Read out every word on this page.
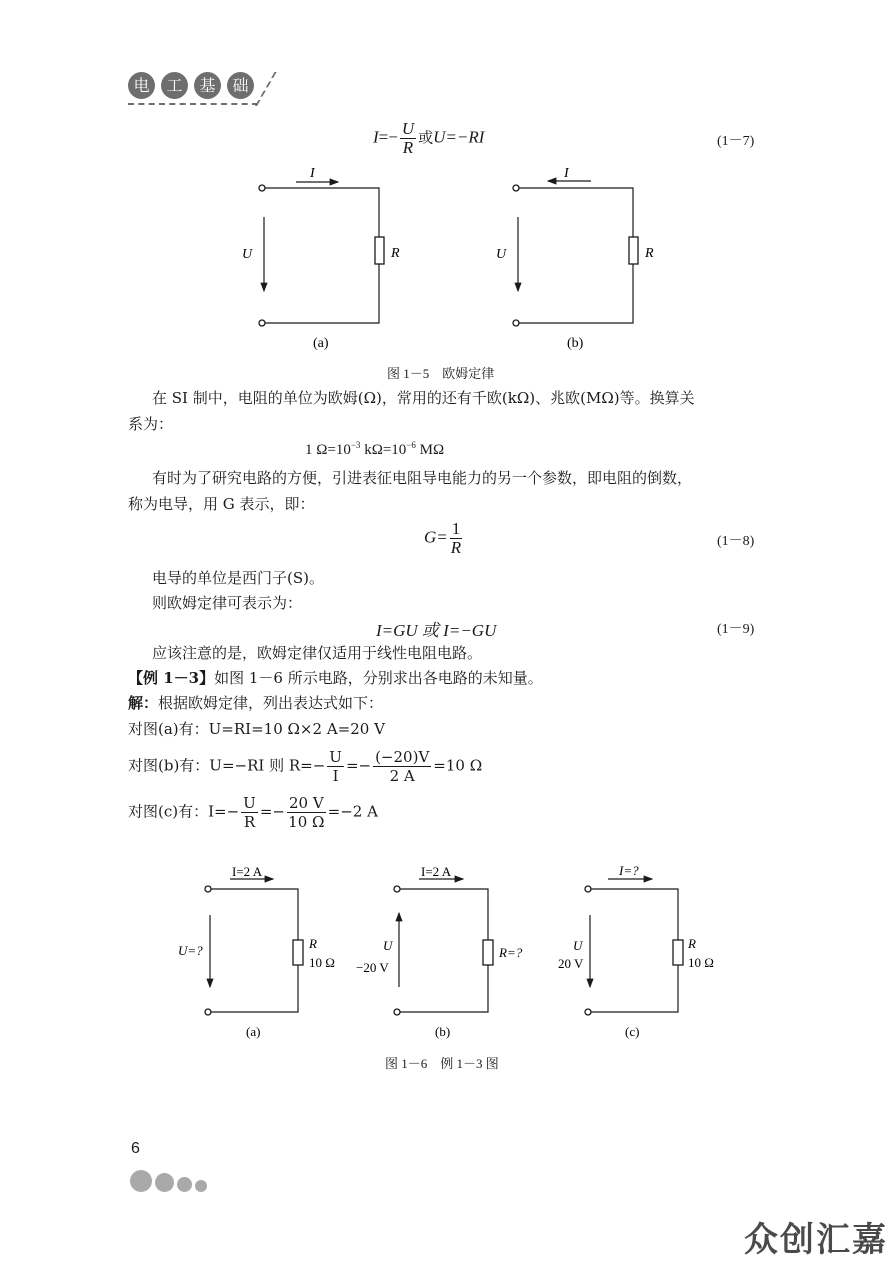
电	工	基	础
$I=- \frac{U}{R}$ 或U=−RI	(1－7)
I
U	R
(a)
I
U	R
(b)
图 1－5　欧姆定律
在 SI 制中，电阻的单位为欧姆(Ω)，常用的还有千欧(kΩ)、兆欧(MΩ)等。换算关
系为：
1 $\Omega=10^{-3}$ $k\Omega=10^{-6}$ MΩ
有时为了研究电路的方便，引进表征电阻导电能力的另一个参数，即电阻的倒数，
称为电导，用 G 表示，即：
$G= \frac{1}{R}$	(1－8)
电导的单位是西门子(S)。
则欧姆定律可表示为：
I=GU 或 I=−GU	(1－9)
应该注意的是，欧姆定律仅适用于线性电阻电路。
【例 1－3】如图 1－6 所示电路，分别求出各电路的未知量。
解：根据欧姆定律，列出表达式如下：
对图(a)有：U=RI=10 Ω×2 A=20 V
对图(b)有：U=−RI 则 $R=- \frac{U}{I} =- \frac{(-20)V}{2 A} =10$ Ω
对图(c)有：$I=- \frac{U}{R} =- \frac{20 V}{10 \Omega} =-2$ A
I=2 A
U=?	R
10 Ω
(a)
I=2 A
U
−20 V
R=?
(b)
I=?
U
20 V
R
10 Ω
(c)
图 1－6　例 1－3 图
6
众创汇嘉
